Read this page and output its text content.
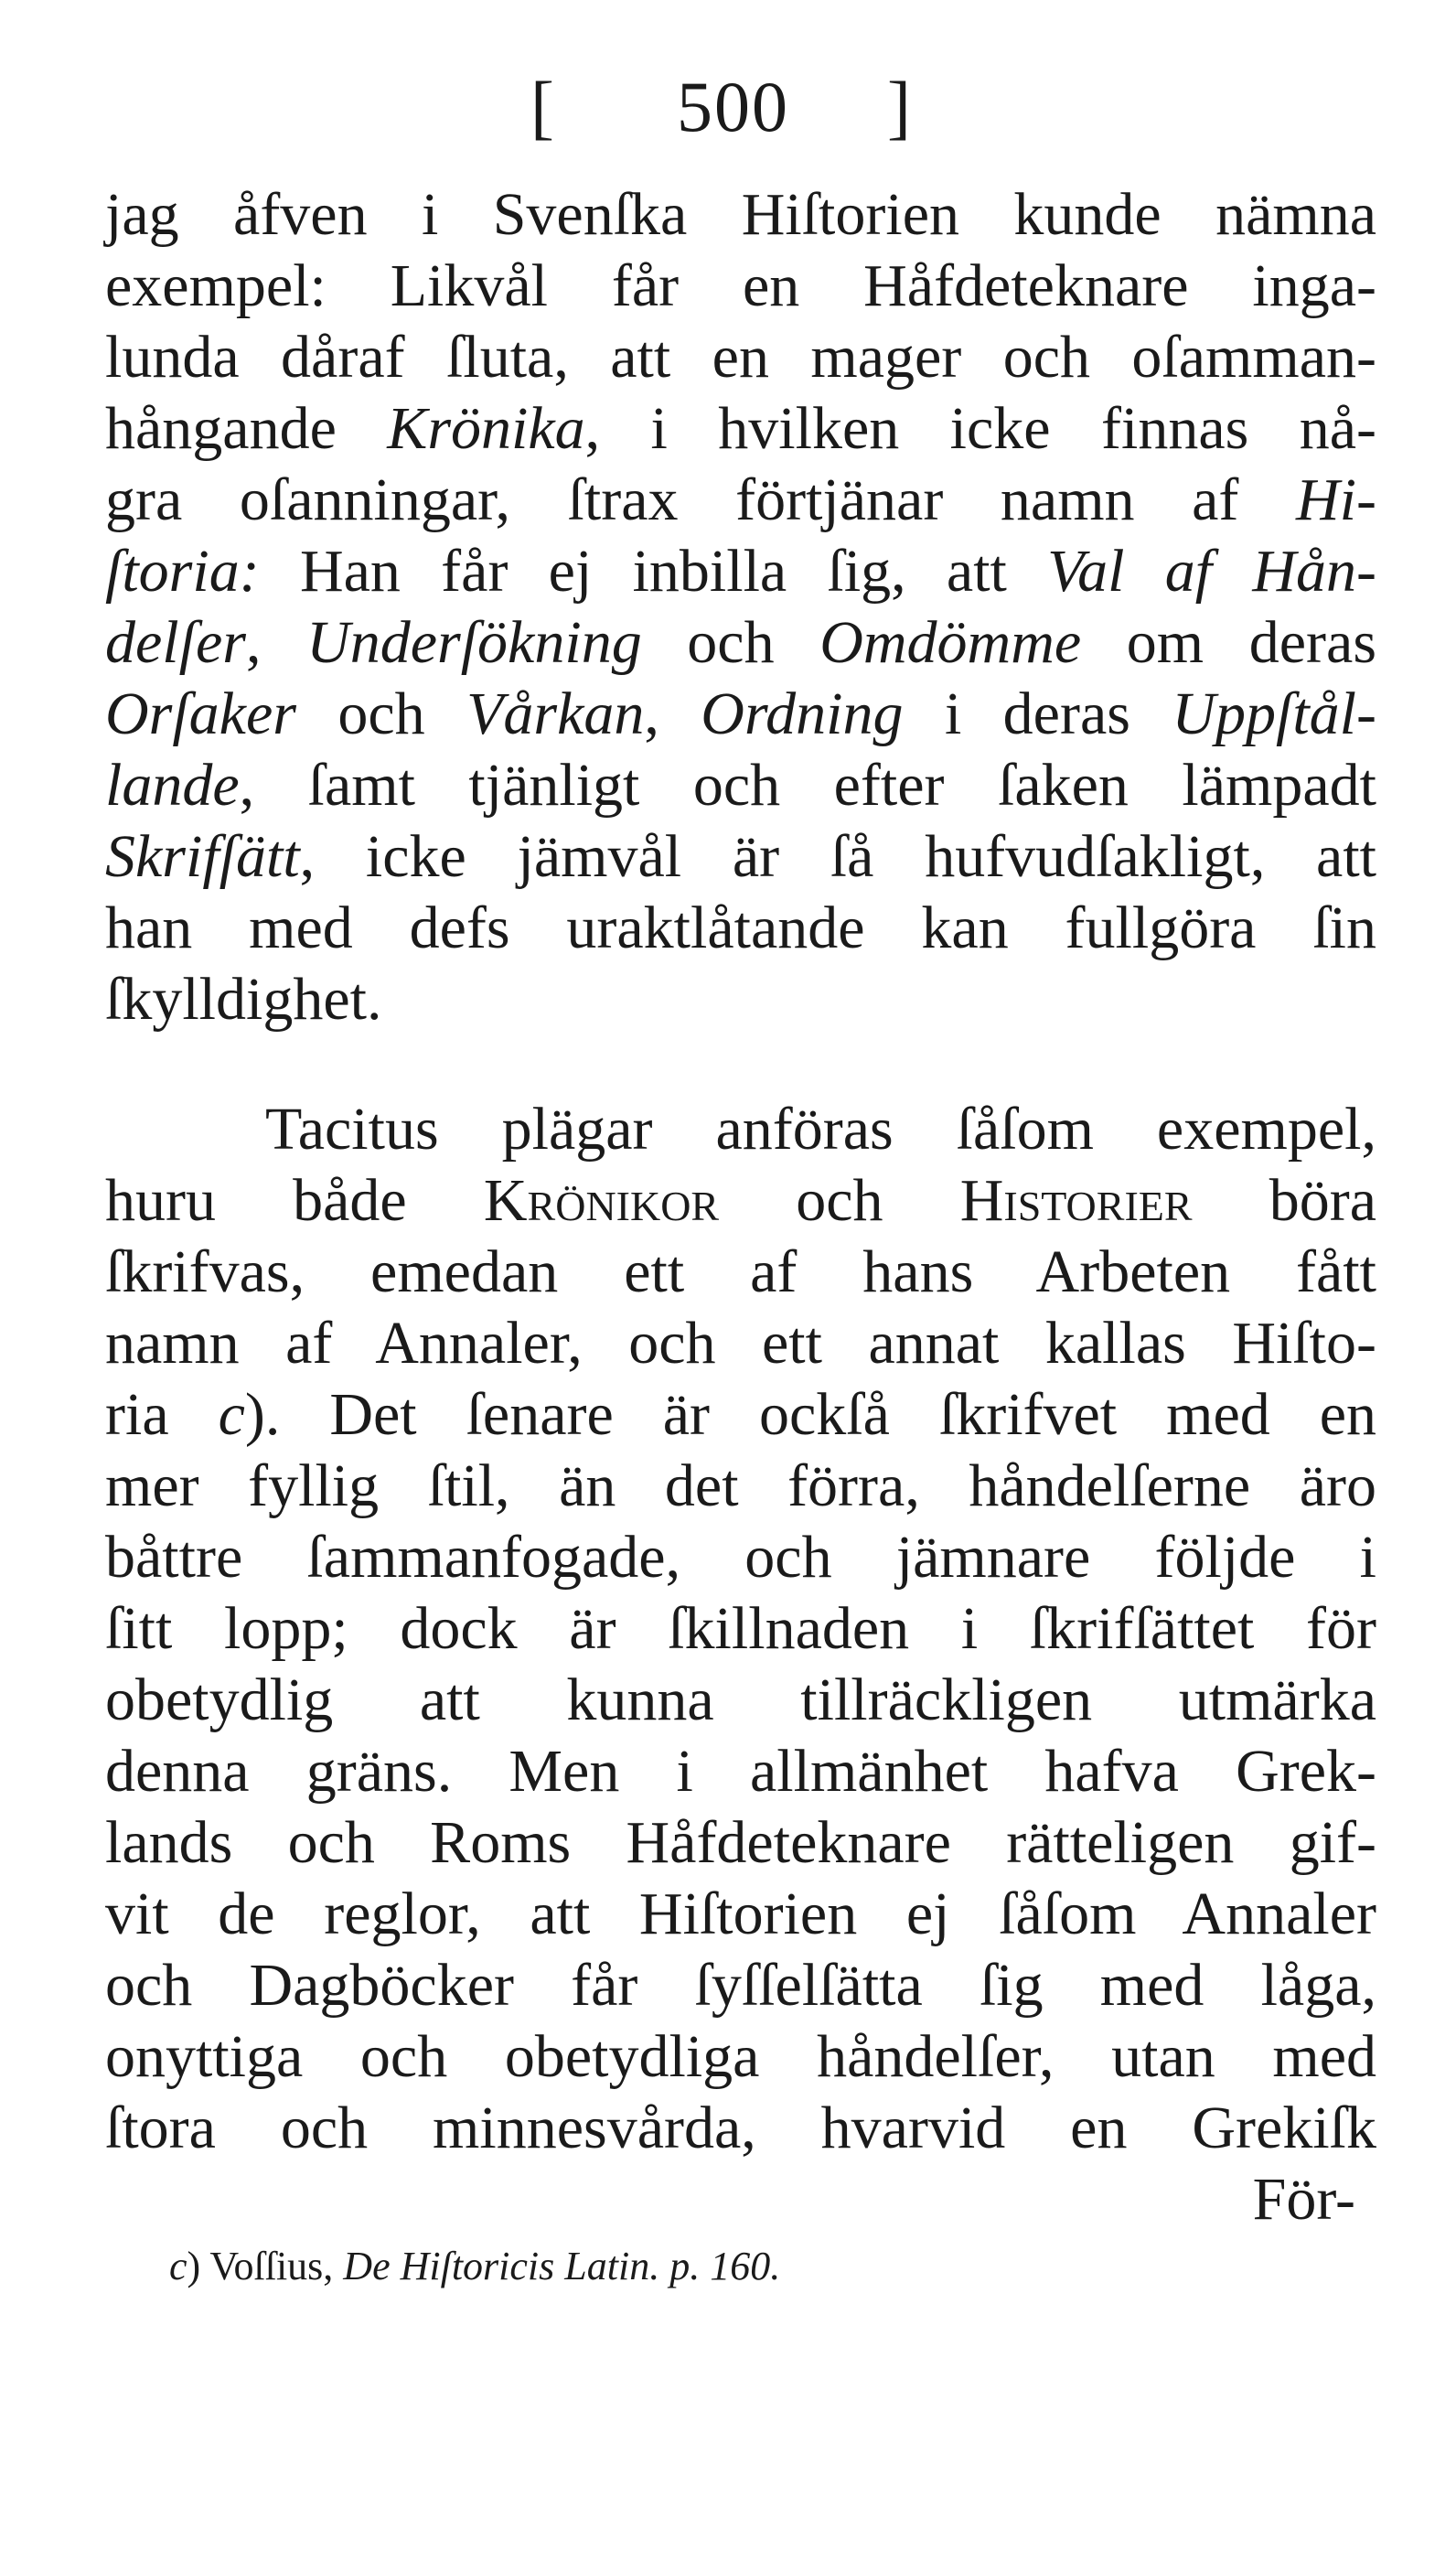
[ 500 ]
jag åfven i Svenſka Hiſtorien kunde nämna
exempel: Likvål får en Håfdeteknare inga-
lunda dåraf ſluta, att en mager och oſamman-
hångande Krönika, i hvilken icke finnas nå-
gra oſanningar, ſtrax förtjänar namn af Hi-
ſtoria: Han får ej inbilla ſig, att Val af Hån-
delſer, Underſökning och Omdömme om deras
Orſaker och Vårkan, Ordning i deras Uppſtål-
lande, ſamt tjänligt och efter ſaken lämpadt
Skrifſätt, icke jämvål är ſå hufvudſakligt, att
han med defs uraktlåtande kan fullgöra ſin
ſkylldighet.
Tacitus plägar anföras ſåſom exempel,
huru både Krönikor och Historier böra
ſkrifvas, emedan ett af hans Arbeten fått
namn af Annaler, och ett annat kallas Hiſto-
ria c). Det ſenare är ockſå ſkrifvet med en
mer fyllig ſtil, än det förra, håndelſerne äro
båttre ſammanfogade, och jämnare följde i
ſitt lopp; dock är ſkillnaden i ſkrifſättet för
obetydlig att kunna tillräckligen utmärka
denna gräns. Men i allmänhet hafva Grek-
lands och Roms Håfdeteknare rätteligen gif-
vit de reglor, att Hiſtorien ej ſåſom Annaler
och Dagböcker får ſyſſelſätta ſig med låga,
onyttiga och obetydliga håndelſer, utan med
ſtora och minnesvårda, hvarvid en Grekiſk
För-
c) Voſſius, De Hiſtoricis Latin. p. 160.
